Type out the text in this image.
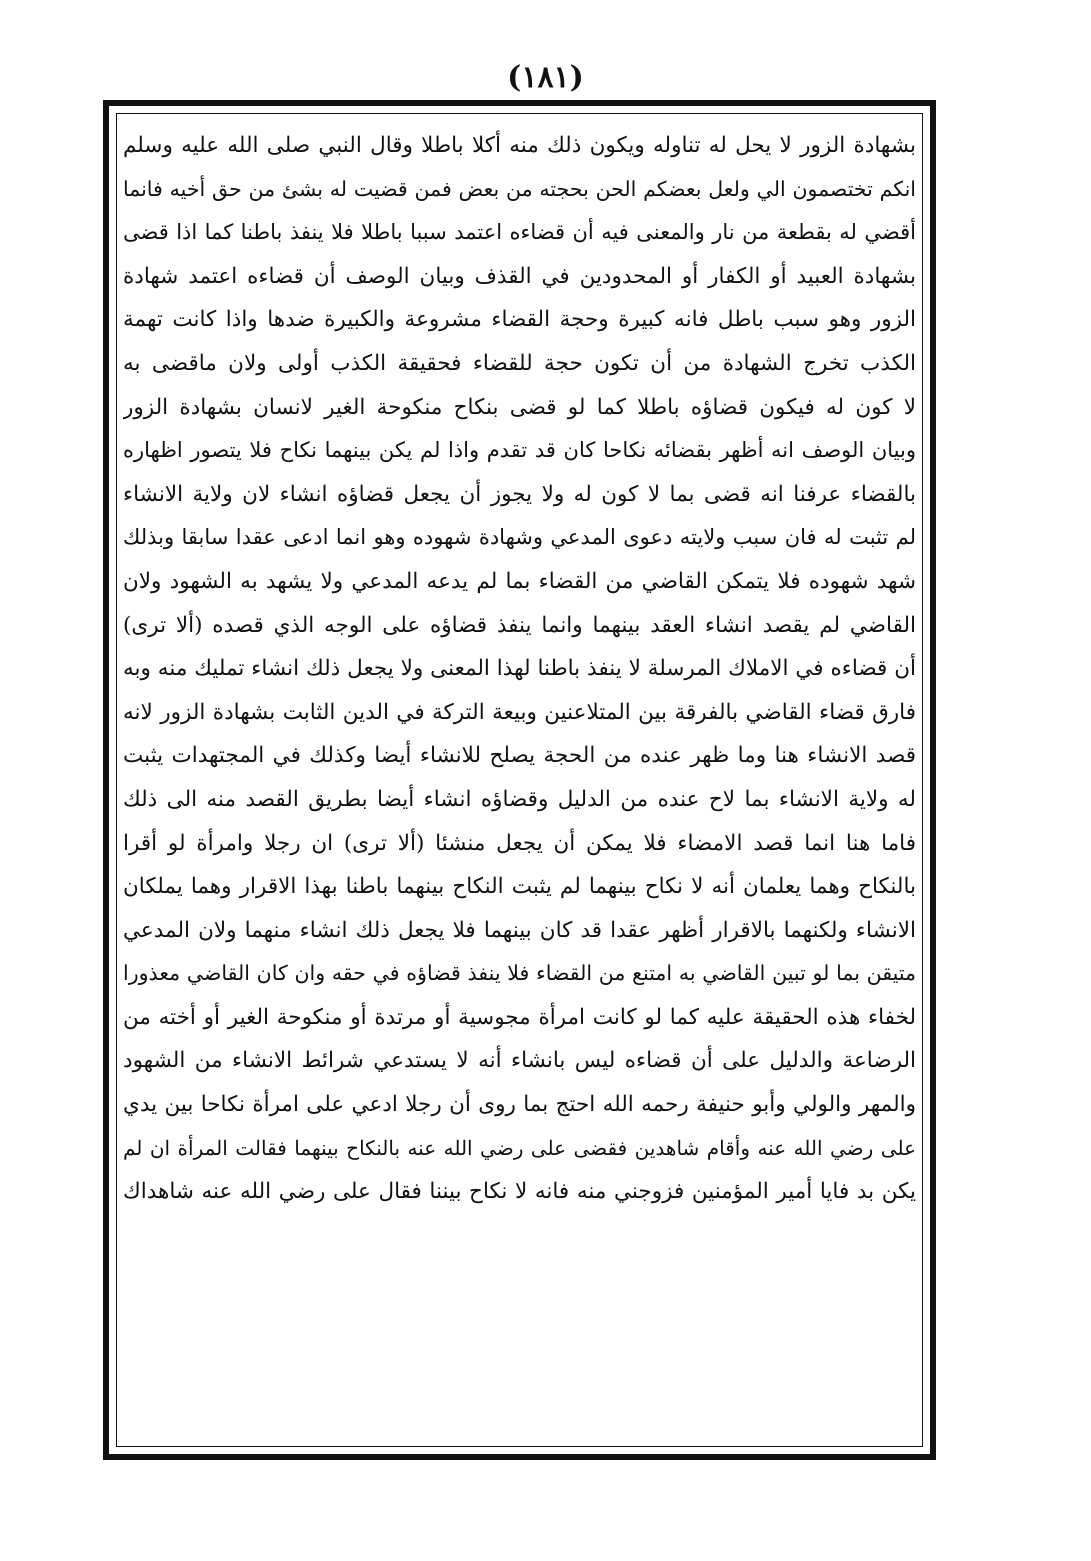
(١٨١)
بشهادة الزور لا يحل له تناوله ويكون ذلك منه أكلا باطلا وقال النبي صلى الله عليه وسلم
انكم تختصمون الي ولعل بعضكم الحن بحجته من بعض فمن قضيت له بشئ من حق أخيه فانما
أقضي له بقطعة من نار والمعنى فيه أن قضاءه اعتمد سببا باطلا فلا ينفذ باطنا كما اذا قضى
بشهادة العبيد أو الكفار أو المحدودين في القذف وبيان الوصف أن قضاءه اعتمد شهادة
الزور وهو سبب باطل فانه كبيرة وحجة القضاء مشروعة والكبيرة ضدها واذا كانت تهمة
الكذب تخرج الشهادة من أن تكون حجة للقضاء فحقيقة الكذب أولى ولان ماقضى به
لا كون له فيكون قضاؤه باطلا كما لو قضى بنكاح منكوحة الغير لانسان بشهادة الزور
وبيان الوصف انه أظهر بقضائه نكاحا كان قد تقدم واذا لم يكن بينهما نكاح فلا يتصور اظهاره
بالقضاء عرفنا انه قضى بما لا كون له ولا يجوز أن يجعل قضاؤه انشاء لان ولاية الانشاء
لم تثبت له فان سبب ولايته دعوى المدعي وشهادة شهوده وهو انما ادعى عقدا سابقا وبذلك
شهد شهوده فلا يتمكن القاضي من القضاء بما لم يدعه المدعي ولا يشهد به الشهود ولان
القاضي لم يقصد انشاء العقد بينهما وانما ينفذ قضاؤه على الوجه الذي قصده (ألا ترى)
أن قضاءه في الاملاك المرسلة لا ينفذ باطنا لهذا المعنى ولا يجعل ذلك انشاء تمليك منه وبه
فارق قضاء القاضي بالفرقة بين المتلاعنين وبيعة التركة في الدين الثابت بشهادة الزور لانه
قصد الانشاء هنا وما ظهر عنده من الحجة يصلح للانشاء أيضا وكذلك في المجتهدات يثبت
له ولاية الانشاء بما لاح عنده من الدليل وقضاؤه انشاء أيضا بطريق القصد منه الى ذلك
فاما هنا انما قصد الامضاء فلا يمكن أن يجعل منشئا (ألا ترى) ان رجلا وامرأة لو أقرا
بالنكاح وهما يعلمان أنه لا نكاح بينهما لم يثبت النكاح بينهما باطنا بهذا الاقرار وهما يملكان
الانشاء ولكنهما بالاقرار أظهر عقدا قد كان بينهما فلا يجعل ذلك انشاء منهما ولان المدعي
متيقن بما لو تبين القاضي به امتنع من القضاء فلا ينفذ قضاؤه في حقه وان كان القاضي معذورا
لخفاء هذه الحقيقة عليه كما لو كانت امرأة مجوسية أو مرتدة أو منكوحة الغير أو أخته من
الرضاعة والدليل على أن قضاءه ليس بانشاء أنه لا يستدعي شرائط الانشاء من الشهود
والمهر والولي وأبو حنيفة رحمه الله احتج بما روى أن رجلا ادعي على امرأة نكاحا بين يدي
على رضي الله عنه وأقام شاهدين فقضى على رضي الله عنه بالنكاح بينهما فقالت المرأة ان لم
يكن بد فايا أمير المؤمنين فزوجني منه فانه لا نكاح بيننا فقال على رضي الله عنه شاهداك
